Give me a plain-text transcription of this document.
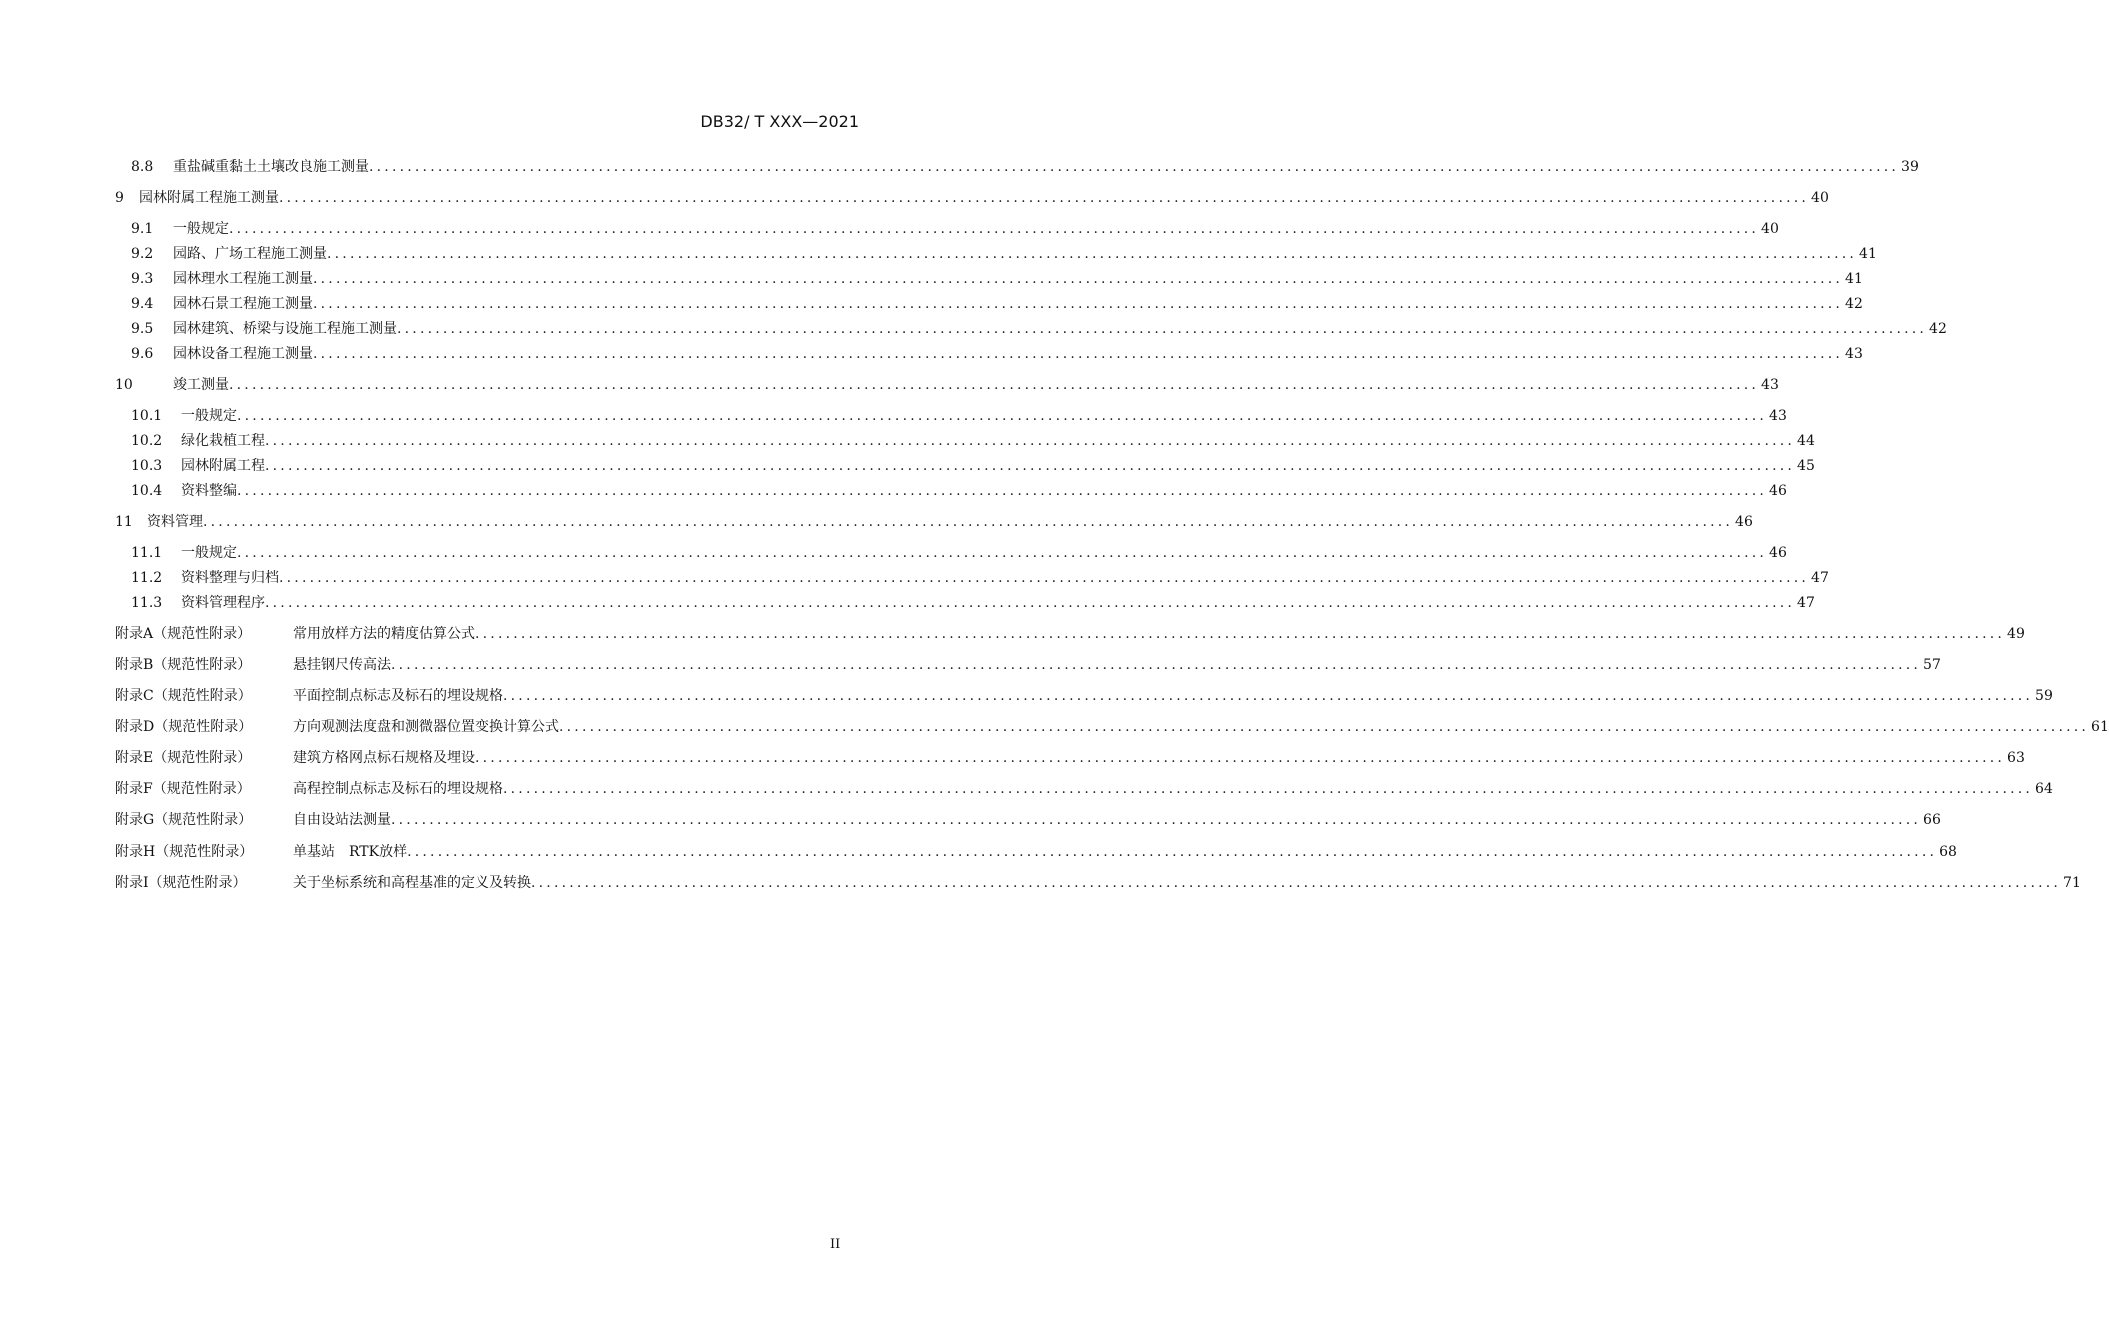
DB32/ T XXX—2021
8.8 重盐碱重黏土土壤改良施工测量 ........................................................................................................................................................................................................ 39
9 园林附属工程施工测量 ........................................................................................................................................................................................................ 40
9.1 一般规定 ........................................................................................................................................................................................................ 40
9.2 园路、广场工程施工测量 ........................................................................................................................................................................................................ 41
9.3 园林理水工程施工测量 ........................................................................................................................................................................................................ 41
9.4 园林石景工程施工测量 ........................................................................................................................................................................................................ 42
9.5 园林建筑、桥梁与设施工程施工测量 ........................................................................................................................................................................................................ 42
9.6 园林设备工程施工测量 ........................................................................................................................................................................................................ 43
10	竣工测量 ........................................................................................................................................................................................................ 43
10.1 一般规定 ........................................................................................................................................................................................................ 43
10.2 绿化栽植工程 ........................................................................................................................................................................................................ 44
10.3 园林附属工程 ........................................................................................................................................................................................................ 45
10.4 资料整编 ........................................................................................................................................................................................................ 46
11 资料管理 ........................................................................................................................................................................................................ 46
11.1 一般规定 ........................................................................................................................................................................................................ 46
11.2 资料整理与归档 ........................................................................................................................................................................................................ 47
11.3 资料管理程序 ........................................................................................................................................................................................................ 47
附录A（规范性附录）	常用放样方法的精度估算公式 ........................................................................................................................................................................................................ 49
附录B（规范性附录）	悬挂钢尺传高法 ........................................................................................................................................................................................................ 57
附录C（规范性附录）	平面控制点标志及标石的埋设规格 ........................................................................................................................................................................................................ 59
附录D（规范性附录）	方向观测法度盘和测微器位置变换计算公式 ........................................................................................................................................................................................................ 61
附录E（规范性附录）	建筑方格网点标石规格及埋设 ........................................................................................................................................................................................................ 63
附录F（规范性附录）	高程控制点标志及标石的埋设规格 ........................................................................................................................................................................................................ 64
附录G（规范性附录）	自由设站法测量 ........................................................................................................................................................................................................ 66
附录H（规范性附录）	单基站　RTK放样 ........................................................................................................................................................................................................ 68
附录I（规范性附录）	关于坐标系统和高程基准的定义及转换 ........................................................................................................................................................................................................ 71
II
